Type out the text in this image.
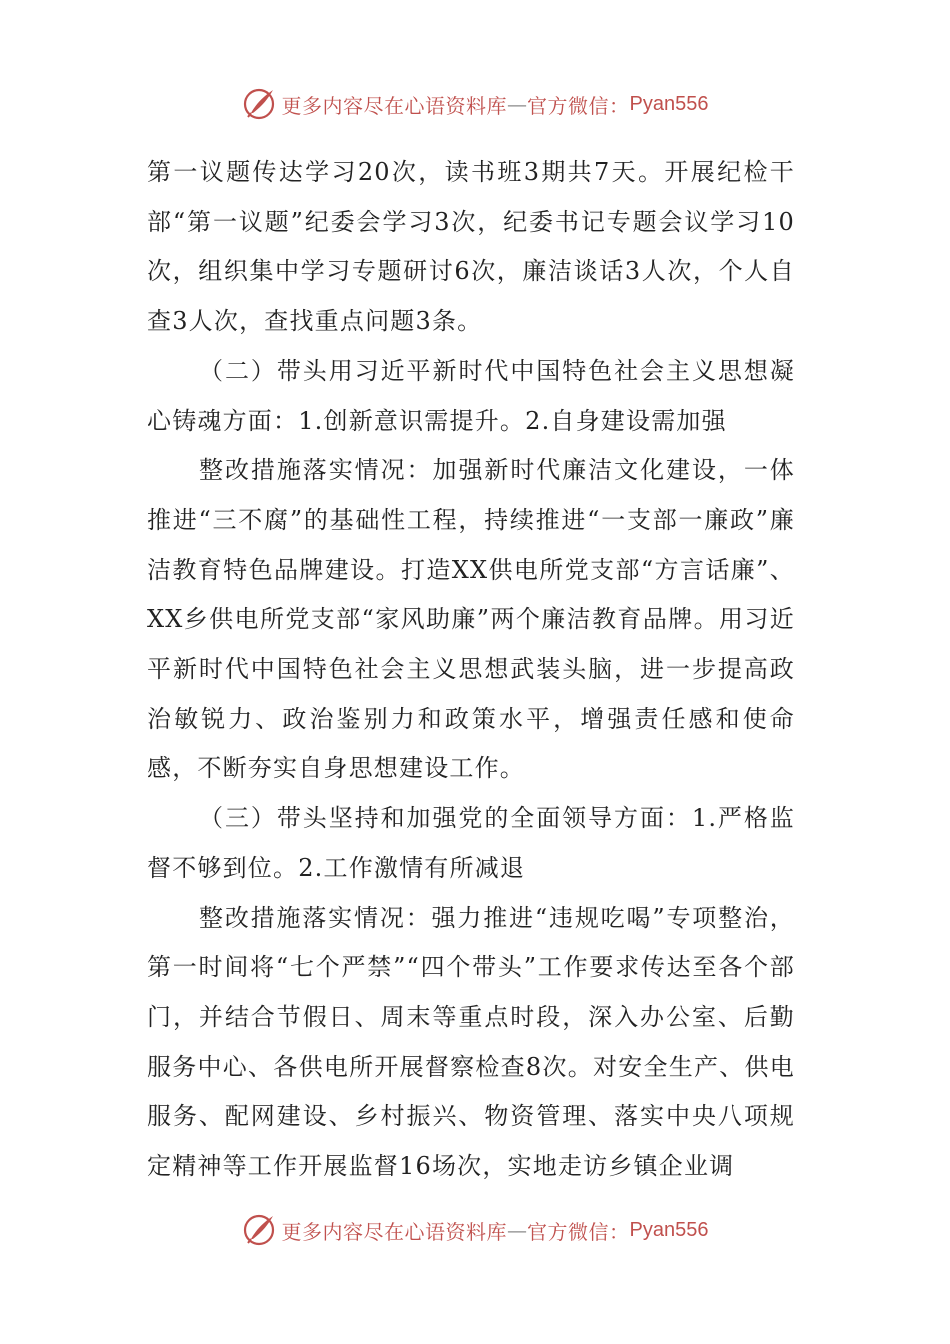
更多内容尽在心语资料库 — 官方微信： Pyan556

第一议题传达学习20次，读书班3期共7天。开展纪检干部“第一议题”纪委会学习3次，纪委书记专题会议学习10次，组织集中学习专题研讨6次，廉洁谈话3人次，个人自查3人次，查找重点问题3条。

（二）带头用习近平新时代中国特色社会主义思想凝心铸魂方面：1.创新意识需提升。2.自身建设需加强

整改措施落实情况：加强新时代廉洁文化建设，一体推进“三不腐”的基础性工程，持续推进“一支部一廉政”廉洁教育特色品牌建设。打造XX供电所党支部“方言话廉”、XX乡供电所党支部“家风助廉”两个廉洁教育品牌。用习近平新时代中国特色社会主义思想武装头脑，进一步提高政治敏锐力、政治鉴别力和政策水平，增强责任感和使命感，不断夯实自身思想建设工作。

（三）带头坚持和加强党的全面领导方面：1.严格监督不够到位。2.工作激情有所减退

整改措施落实情况：强力推进“违规吃喝”专项整治，第一时间将“七个严禁”“四个带头”工作要求传达至各个部门，并结合节假日、周末等重点时段，深入办公室、后勤服务中心、各供电所开展督察检查8次。对安全生产、供电服务、配网建设、乡村振兴、物资管理、落实中央八项规定精神等工作开展监督16场次，实地走访乡镇企业调

更多内容尽在心语资料库 — 官方微信： Pyan556
